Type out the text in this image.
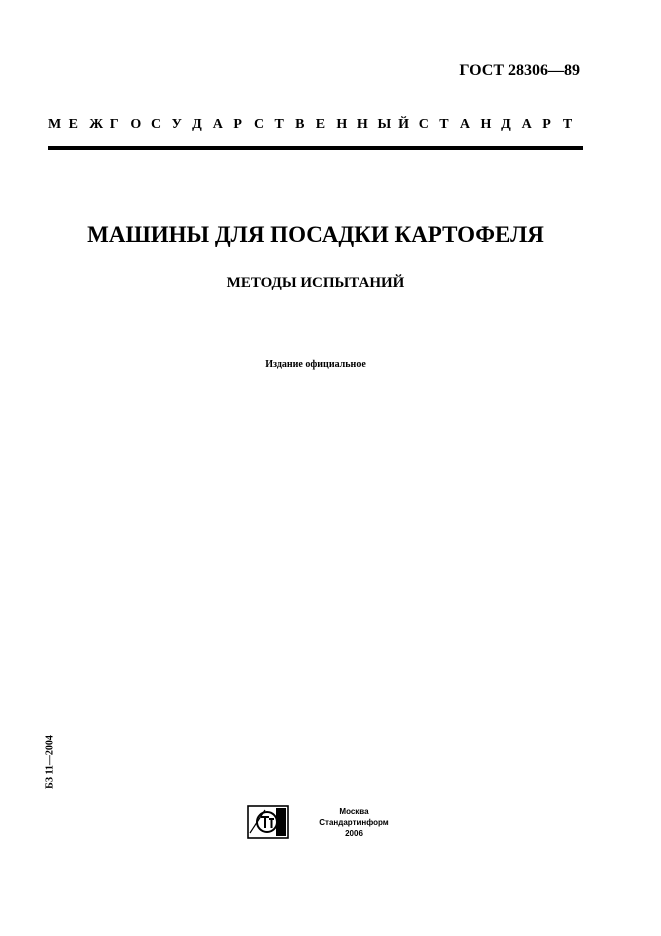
ГОСТ 28306—89
М Е Ж Г О С У Д А Р С Т В Е Н Н Ы Й С Т А Н Д А Р Т
МАШИНЫ ДЛЯ ПОСАДКИ КАРТОФЕЛЯ
МЕТОДЫ ИСПЫТАНИЙ
Издание официальное
БЗ 11—2004
Москва
Стандартинформ
2006
